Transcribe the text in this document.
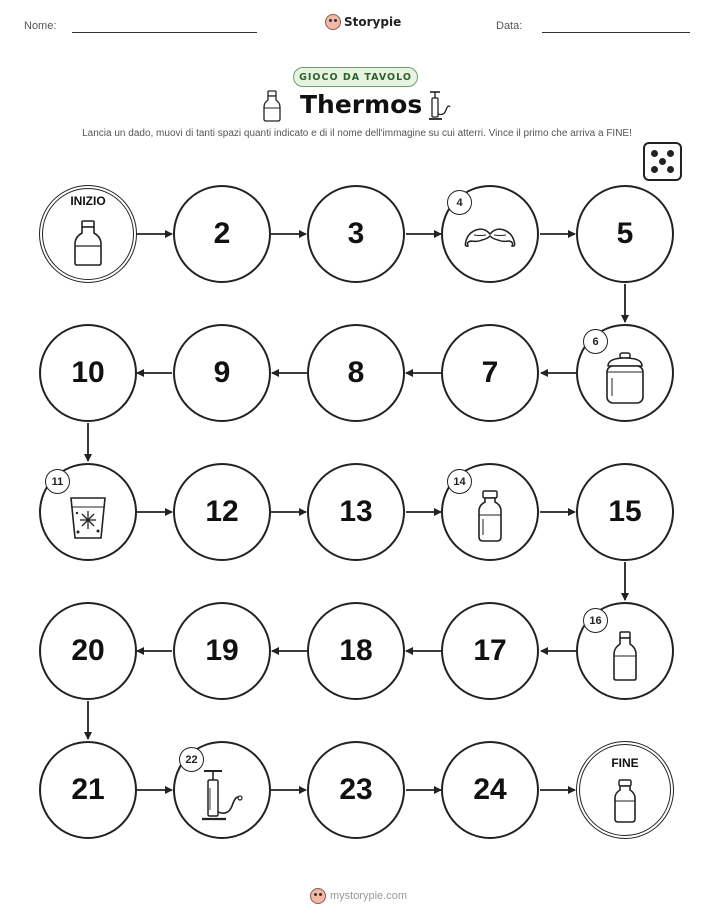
Nome:	Storypie	Data:
GIOCO DA TAVOLO
Thermos
Lancia un dado, muovi di tanti spazi quanti indicato e di il nome dell'immagine su cui atterri. Vince il primo che arriva a FINE!
INIZIO
2	3
4
5
6
7
8
9
10
11
12	13
14
15
16
17
18
19
20
21
22
23	24
FINE
mystorypie.com
